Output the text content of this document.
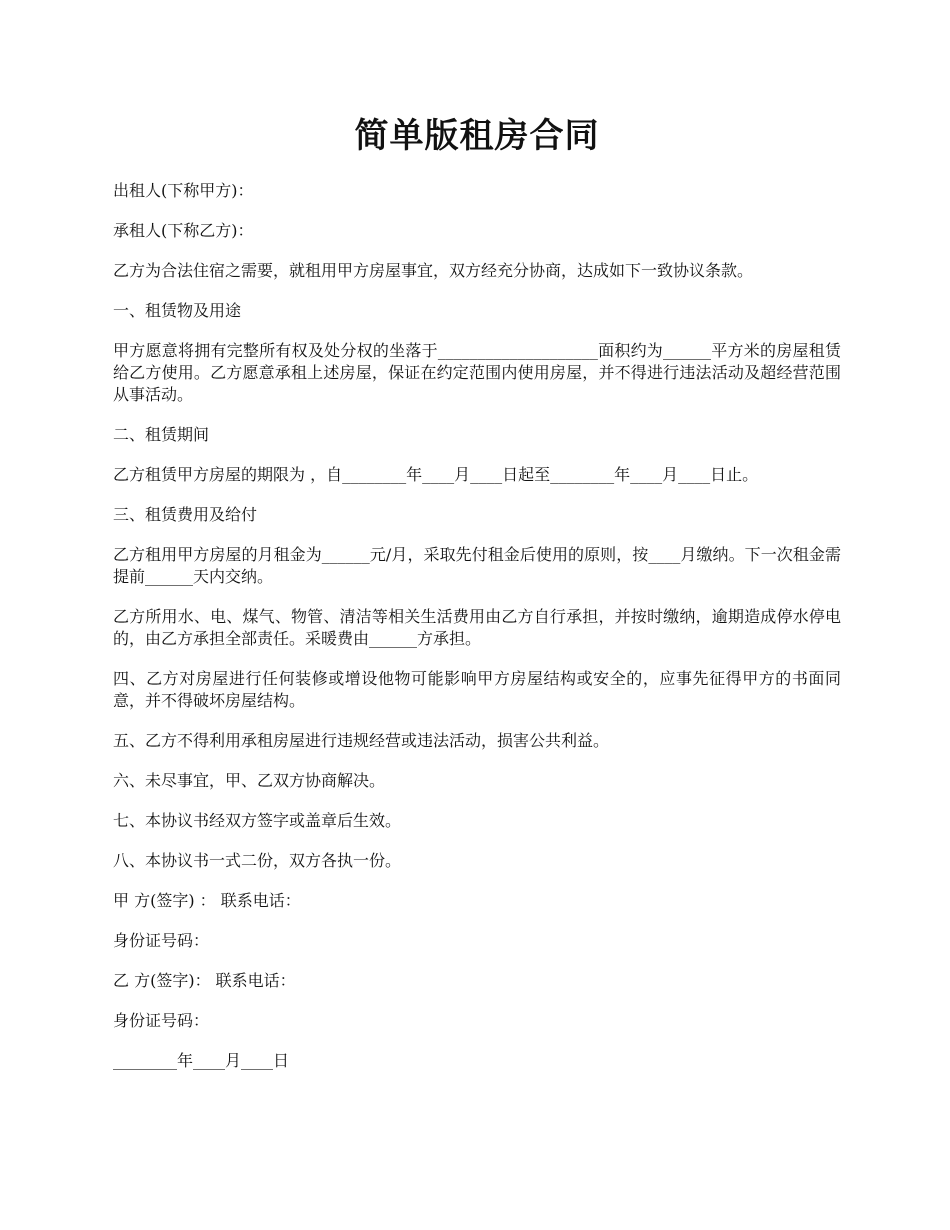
简单版租房合同

出租人(下称甲方)：

承租人(下称乙方)：

乙方为合法住宿之需要，就租用甲方房屋事宜，双方经充分协商，达成如下一致协议条款。

一、租赁物及用途

甲方愿意将拥有完整所有权及处分权的坐落于____________________面积约为______平方米的房屋租赁给乙方使用。乙方愿意承租上述房屋，保证在约定范围内使用房屋，并不得进行违法活动及超经营范围从事活动。

二、租赁期间

乙方租赁甲方房屋的期限为 ，自________年____月____日起至________年____月____日止。

三、租赁费用及给付

乙方租用甲方房屋的月租金为______元/月，采取先付租金后使用的原则，按____月缴纳。下一次租金需提前______天内交纳。

乙方所用水、电、煤气、物管、清洁等相关生活费用由乙方自行承担，并按时缴纳，逾期造成停水停电的，由乙方承担全部责任。采暖费由______方承担。

四、乙方对房屋进行任何装修或增设他物可能影响甲方房屋结构或安全的，应事先征得甲方的书面同意，并不得破坏房屋结构。

五、乙方不得利用承租房屋进行违规经营或违法活动，损害公共利益。

六、未尽事宜，甲、乙双方协商解决。

七、本协议书经双方签字或盖章后生效。

八、本协议书一式二份，双方各执一份。

甲 方(签字) ： 联系电话：

身份证号码：

乙 方(签字)： 联系电话：

身份证号码：

________年____月____日
